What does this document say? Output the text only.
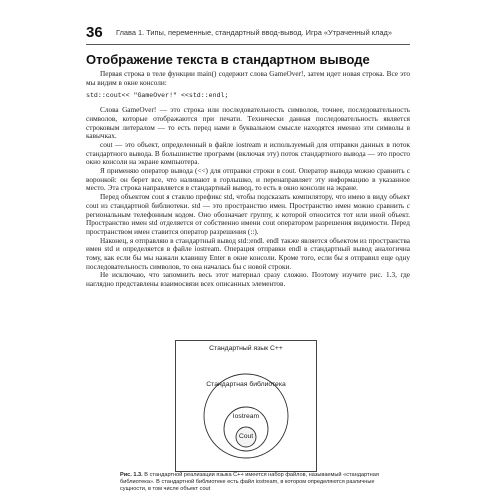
36 Глава 1. Типы, переменные, стандартный ввод-вывод. Игра «Утраченный клад»
Отображение текста в стандартном выводе

Первая строка в теле функции main() содержит слова GameOver!, затем идет новая строка. Все это мы видим в окне консоли:

std::cout<< "GameOver!" <<std::endl;

Слова GameOver! — это строка или последовательность символов, точнее, последовательность символов, которые отображаются при печати. Технически данная последовательность является строковым литералом — то есть перед нами в буквальном смысле находятся именно эти символы в кавычках.

cout — это объект, определенный в файле iostream и используемый для отправки данных в поток стандартного вывода. В большинстве программ (включая эту) поток стандартного вывода — это просто окно консоли на экране компьютера.

Я применяю оператор вывода (<<) для отправки строки в cout. Оператор вывода можно сравнить с воронкой: он берет все, что наливают в горлышко, и перенаправляет эту информацию в указанное место. Эта строка направляется в стандартный вывод, то есть в окно консоли на экране.

Перед объектом cout я ставлю префикс std, чтобы подсказать компилятору, что имею в виду объект cout из стандартной библиотеки. std — это пространство имен. Пространство имен можно сравнить с региональным телефонным кодом. Оно обозначает группу, к которой относится тот или иной объект. Пространство имен std отделяется от собственно имени cout оператором разрешения видимости. Перед пространством имен ставится оператор разрешения (::).

Наконец, я отправляю в стандартный вывод std::endl. endl также является объектом из пространства имен std и определяется в файле iostream. Операция отправки endl в стандартный вывод аналогична тому, как если бы мы нажали клавишу Enter в окне консоли. Кроме того, если бы я отправил еще одну последовательность символов, то она началась бы с новой строки.

Не исключаю, что запомнить весь этот материал сразу сложно. Поэтому изучите рис. 1.3, где наглядно представлены взаимосвязи всех описанных элементов.

Стандартный язык C++
Стандартная библиотека
Iostream
Cout
Рис. 1.3. В стандартной реализации языка C++ имеется набор файлов, называемый «стандартная библиотека». В стандартной библиотеке есть файл iostream, в котором определяются различные сущности, в том числе объект cout
